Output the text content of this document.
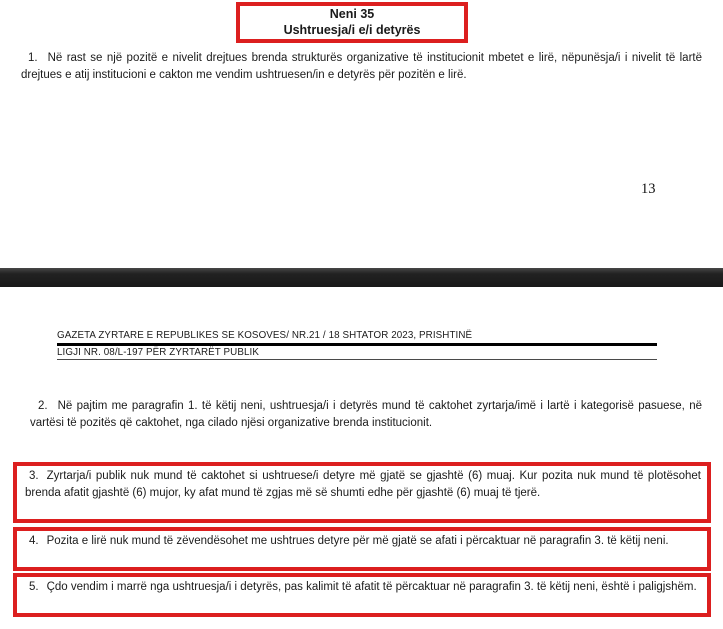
Neni 35
Ushtruesja/i e/i detyrës

1. Në rast se një pozitë e nivelit drejtues brenda strukturës organizative të institucionit mbetet e lirë, nëpunësja/i i nivelit të lartë drejtues e atij institucioni e cakton me vendim ushtruesen/in e detyrës për pozitën e lirë.

13
GAZETA ZYRTARE E REPUBLIKES SE KOSOVES/ NR.21 / 18 SHTATOR 2023, PRISHTINË
LIGJI NR. 08/L-197 PËR ZYRTARËT PUBLIK

2. Në pajtim me paragrafin 1. të këtij neni, ushtruesja/i i detyrës mund të caktohet zyrtarja/imë i lartë i kategorisë pasuese, në vartësi të pozitës që caktohet, nga cilado njësi organizative brenda institucionit.

3. Zyrtarja/i publik nuk mund të caktohet si ushtruese/i detyre më gjatë se gjashtë (6) muaj. Kur pozita nuk mund të plotësohet brenda afatit gjashtë (6) mujor, ky afat mund të zgjas më së shumti edhe për gjashtë (6) muaj të tjerë.

4. Pozita e lirë nuk mund të zëvendësohet me ushtrues detyre për më gjatë se afati i përcaktuar në paragrafin 3. të këtij neni.

5. Çdo vendim i marrë nga ushtruesja/i i detyrës, pas kalimit të afatit të përcaktuar në paragrafin 3. të këtij neni, është i paligjshëm.
